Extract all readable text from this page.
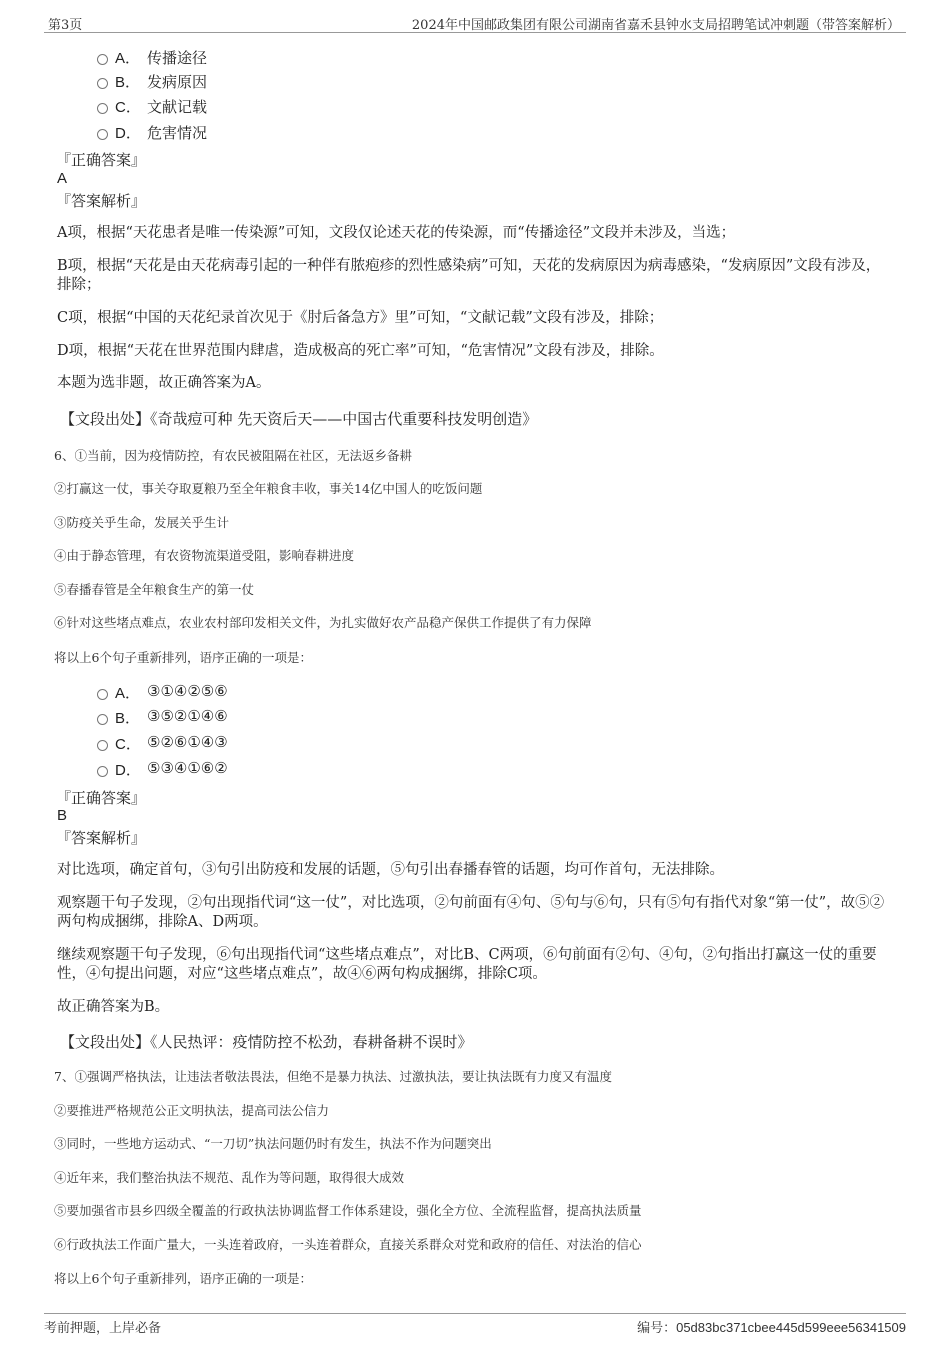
第3页	2024年中国邮政集团有限公司湖南省嘉禾县钟水支局招聘笔试冲刺题（带答案解析）
A． 传播途径
B． 发病原因
C． 文献记载
D． 危害情况
『正确答案』
A
『答案解析』
A项，根据“天花患者是唯一传染源”可知，文段仅论述天花的传染源，而“传播途径”文段并未涉及，当选；
B项，根据“天花是由天花病毒引起的一种伴有脓疱疹的烈性感染病”可知，天花的发病原因为病毒感染，“发病原因”文段有涉及，排除；
C项，根据“中国的天花纪录首次见于《肘后备急方》里”可知，“文献记载”文段有涉及，排除；
D项，根据“天花在世界范围内肆虐，造成极高的死亡率”可知，“危害情况”文段有涉及，排除。
本题为选非题，故正确答案为A。
【文段出处】《奇哉痘可种 先天资后天——中国古代重要科技发明创造》
6、①当前，因为疫情防控，有农民被阻隔在社区，无法返乡备耕
②打赢这一仗，事关夺取夏粮乃至全年粮食丰收，事关14亿中国人的吃饭问题
③防疫关乎生命，发展关乎生计
④由于静态管理，有农资物流渠道受阻，影响春耕进度
⑤春播春管是全年粮食生产的第一仗
⑥针对这些堵点难点，农业农村部印发相关文件，为扎实做好农产品稳产保供工作提供了有力保障
将以上6个句子重新排列，语序正确的一项是：
A． ③①④②⑤⑥
B． ③⑤②①④⑥
C． ⑤②⑥①④③
D． ⑤③④①⑥②
『正确答案』
B
『答案解析』
对比选项，确定首句，③句引出防疫和发展的话题，⑤句引出春播春管的话题，均可作首句，无法排除。
观察题干句子发现，②句出现指代词“这一仗”，对比选项，②句前面有④句、⑤句与⑥句，只有⑤句有指代对象“第一仗”，故⑤②两句构成捆绑，排除A、D两项。
继续观察题干句子发现，⑥句出现指代词“这些堵点难点”，对比B、C两项，⑥句前面有②句、④句，②句指出打赢这一仗的重要性，④句提出问题，对应“这些堵点难点”，故④⑥两句构成捆绑，排除C项。
故正确答案为B。
【文段出处】《人民热评：疫情防控不松劲，春耕备耕不误时》
7、①强调严格执法，让违法者敬法畏法，但绝不是暴力执法、过激执法，要让执法既有力度又有温度
②要推进严格规范公正文明执法，提高司法公信力
③同时，一些地方运动式、“一刀切”执法问题仍时有发生，执法不作为问题突出
④近年来，我们整治执法不规范、乱作为等问题，取得很大成效
⑤要加强省市县乡四级全覆盖的行政执法协调监督工作体系建设，强化全方位、全流程监督，提高执法质量
⑥行政执法工作面广量大，一头连着政府，一头连着群众，直接关系群众对党和政府的信任、对法治的信心
将以上6个句子重新排列，语序正确的一项是：
考前押题，上岸必备	编号：05d83bc371cbee445d599eee56341509
